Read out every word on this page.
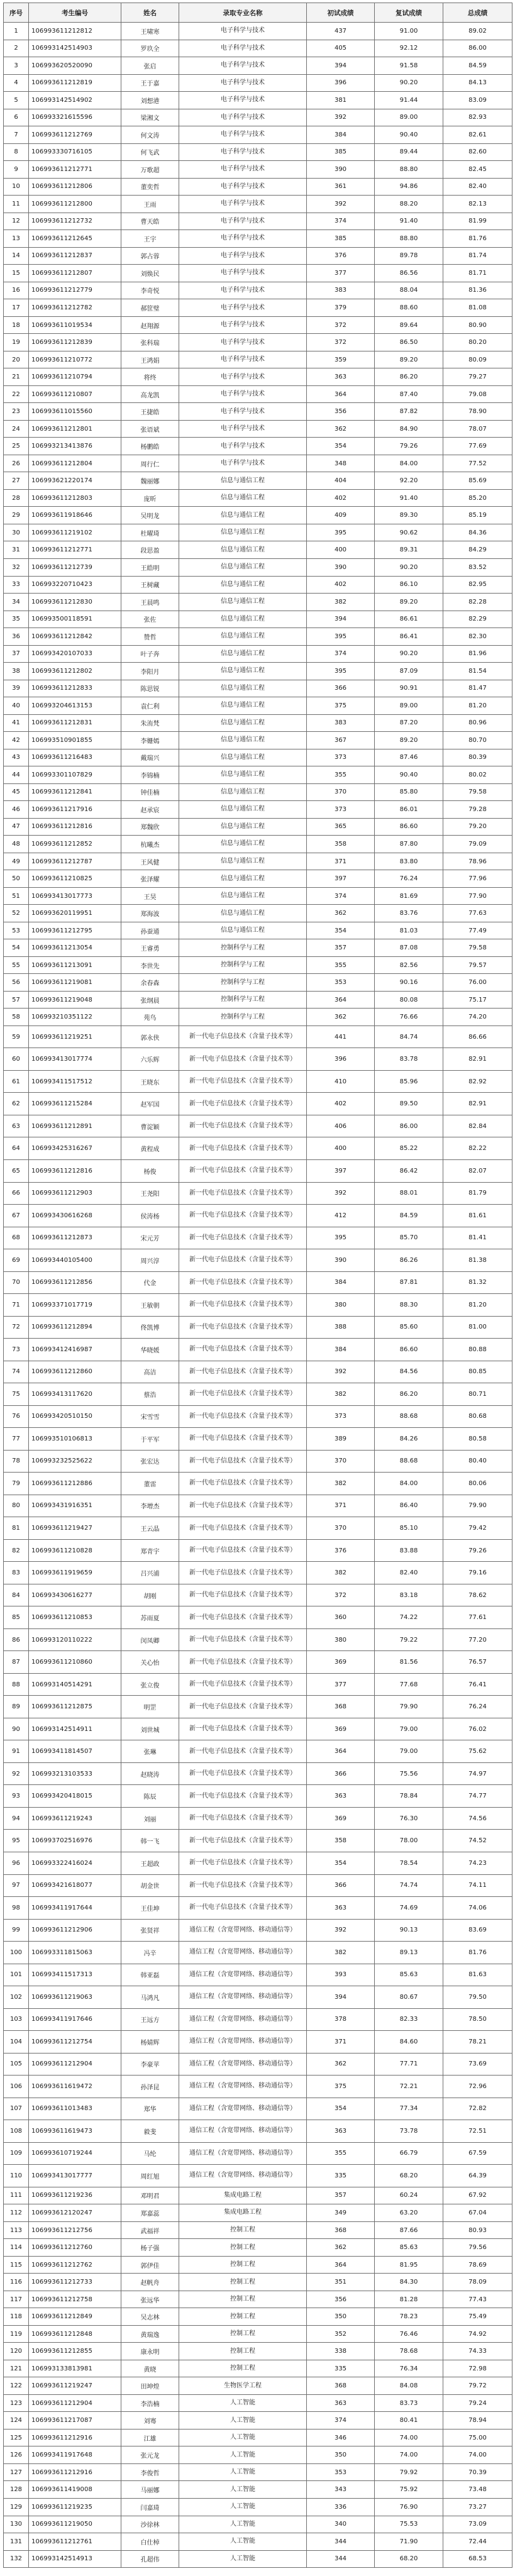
序号	考生编号	姓名	录取专业名称	初试成绩	复试成绩	总成绩
1	106993611212812	王啸寒	电子科学与技术	437	91.00	89.02
2	106993142514903	罗玖全	电子科学与技术	405	92.12	86.00
3	106993620520090	张启	电子科学与技术	394	91.58	84.59
4	106993611212819	王于嘉	电子科学与技术	396	90.20	84.13
5	106993142514902	刘想港	电子科学与技术	381	91.44	83.09
6	106993321615596	梁湘文	电子科学与技术	392	89.00	82.93
7	106993611212769	何文涛	电子科学与技术	384	90.40	82.61
8	106993330716105	何飞武	电子科学与技术	385	89.44	82.60
9	106993611212771	万歌超	电子科学与技术	390	88.80	82.45
10	106993611212806	董奕哲	电子科学与技术	361	94.86	82.40
11	106993611212800	王雨	电子科学与技术	392	88.20	82.13
12	106993611212732	曹天皓	电子科学与技术	374	91.40	81.99
13	106993611212645	王宇	电子科学与技术	385	88.80	81.76
14	106993611212837	郭占蓉	电子科学与技术	376	89.78	81.74
15	106993611212807	刘焕民	电子科学与技术	377	86.56	81.71
16	106993611212779	李奇悦	电子科学与技术	383	88.04	81.36
17	106993611212782	郝筐璧	电子科学与技术	379	88.60	81.08
18	106993611019534	赵翔源	电子科学与技术	372	89.64	80.90
19	106993611212839	张科瑞	电子科学与技术	372	86.50	80.20
20	106993611210772	王鸿娟	电子科学与技术	359	89.20	80.09
21	106993611210794	将终	电子科学与技术	363	86.20	79.27
22	106993611210807	高龙凯	电子科学与技术	364	87.40	79.08
23	106993611015560	王捷皓	电子科学与技术	356	87.82	78.90
24	106993611212801	张语斌	电子科学与技术	362	84.90	78.07
25	106993213413876	杨鹏皓	电子科学与技术	354	79.26	77.69
26	106993611212804	周行仁	电子科学与技术	348	84.00	77.52
27	106993621220174	魏丽娜	信息与通信工程	404	92.20	85.69
28	106993611212803	庞昕	信息与通信工程	402	91.40	85.20
29	106993611918646	吴明龙	信息与通信工程	409	89.30	85.19
30	106993611219102	杜曜琦	信息与通信工程	395	90.62	84.36
31	106993611212771	段思盈	信息与通信工程	400	89.31	84.29
32	106993611212739	王皓明	信息与通信工程	390	90.20	83.52
33	106993220710423	王树藏	信息与通信工程	402	86.10	82.95
34	106993611212830	王晨鸣	信息与通信工程	382	89.20	82.28
35	106993500118591	张佐	信息与通信工程	394	86.61	82.29
36	106993611212842	赞哲	信息与通信工程	395	86.41	82.30
37	106993420107033	叶子奔	信息与通信工程	374	90.20	81.96
38	106993611212802	李阳月	信息与通信工程	395	87.09	81.54
39	106993611212833	陈思锐	信息与通信工程	366	90.91	81.47
40	106993204613153	袁仁利	信息与通信工程	375	89.00	81.20
41	106993611212831	朱洧梵	信息与通信工程	383	87.20	80.96
42	106993510901855	李姗嫣	信息与通信工程	367	89.20	80.70
43	106993611216483	戴瑞兴	信息与通信工程	373	87.46	80.39
44	106993301107829	李锦楠	信息与通信工程	355	90.40	80.02
45	106993611212841	钟佳楠	信息与通信工程	370	85.80	79.58
46	106993611217916	赵承宸	信息与通信工程	373	86.01	79.28
47	106993611212816	郑魏欣	信息与通信工程	365	86.60	79.20
48	106993611212852	杭曦杰	信息与通信工程	358	87.80	79.09
49	106993611212787	王风健	信息与通信工程	371	83.80	78.96
50	106993611210825	张泽耀	信息与通信工程	397	76.24	77.96
51	106993413017773	王昊	信息与通信工程	374	81.69	77.90
52	106993620119951	郑海波	信息与通信工程	362	83.76	77.63
53	106993611212795	孙蚕通	信息与通信工程	354	81.03	77.49
54	106993611213054	王睿勇	控制科学与工程	357	87.08	79.58
55	106993611213091	李世先	控制科学与工程	355	82.56	79.57
56	106993611219081	余春森	控制科学与工程	353	90.16	76.00
57	106993611219048	张纲晨	控制科学与工程	364	80.08	75.17
58	106993210351122	苑鸟	控制科学与工程	362	76.66	74.20
59	106993611219251	郭永侠	新一代电子信息技术（含量子技术等）	441	84.74	86.66
60	106993413017774	六乐辉	新一代电子信息技术（含量子技术等）	396	83.78	82.91
61	106993411517512	王晓东	新一代电子信息技术（含量子技术等）	410	85.96	82.92
62	106993611215284	赵军国	新一代电子信息技术（含量子技术等）	402	89.50	82.91
63	106993611212891	曹淀颖	新一代电子信息技术（含量子技术等）	406	86.00	82.84
64	106993425316267	黄程成	新一代电子信息技术（含量子技术等）	400	85.22	82.22
65	106993611212816	杨俊	新一代电子信息技术（含量子技术等）	397	86.42	82.07
66	106993611212903	王尧阳	新一代电子信息技术（含量子技术等）	392	88.01	81.79
67	106993430616268	侯涛杨	新一代电子信息技术（含量子技术等）	412	84.59	81.61
68	106993611212873	宋元芳	新一代电子信息技术（含量子技术等）	395	85.70	81.41
69	106993440105400	周兴淳	新一代电子信息技术（含量子技术等）	390	86.26	81.38
70	106993611212856	代金	新一代电子信息技术（含量子技术等）	384	87.81	81.32
71	106993371017719	王敏朝	新一代电子信息技术（含量子技术等）	380	88.30	81.20
72	106993611212894	佟凯博	新一代电子信息技术（含量子技术等）	388	85.60	81.00
73	106993412416987	华晓媛	新一代电子信息技术（含量子技术等）	384	86.60	80.88
74	106993611212860	高洁	新一代电子信息技术（含量子技术等）	392	84.56	80.85
75	106993413117620	蔡浩	新一代电子信息技术（含量子技术等）	382	86.20	80.71
76	106993420510150	宋雪雪	新一代电子信息技术（含量子技术等）	373	88.68	80.68
77	106993510106813	于平军	新一代电子信息技术（含量子技术等）	389	84.26	80.58
78	106993232525622	张宏达	新一代电子信息技术（含量子技术等）	370	88.68	80.40
79	106993611212886	董雷	新一代电子信息技术（含量子技术等）	382	84.00	80.06
80	106993431916351	李增杰	新一代电子信息技术（含量子技术等）	371	86.40	79.90
81	106993611219427	王云晶	新一代电子信息技术（含量子技术等）	370	85.10	79.42
82	106993611210828	郑青宇	新一代电子信息技术（含量子技术等）	376	83.88	79.26
83	106993611919659	吕兴浦	新一代电子信息技术（含量子技术等）	382	82.40	79.16
84	106993430616277	胡刚	新一代电子信息技术（含量子技术等）	372	83.18	78.62
85	106993611210853	苏雨夏	新一代电子信息技术（含量子技术等）	360	74.22	77.61
86	106993120110222	闵凤卿	新一代电子信息技术（含量子技术等）	380	79.22	77.20
87	106993611210860	关心怡	新一代电子信息技术（含量子技术等）	369	81.56	76.57
88	106993140514291	张立俊	新一代电子信息技术（含量子技术等）	377	77.68	76.41
89	106993611212875	明罡	新一代电子信息技术（含量子技术等）	368	79.90	76.24
90	106993142514911	刘世城	新一代电子信息技术（含量子技术等）	369	79.00	76.02
91	106993411814507	张琳	新一代电子信息技术（含量子技术等）	364	79.00	75.62
92	106993213103533	赵晓涛	新一代电子信息技术（含量子技术等）	366	75.56	74.97
93	106993420418015	陈辰	新一代电子信息技术（含量子技术等）	363	78.84	74.77
94	106993611219243	刘丽	新一代电子信息技术（含量子技术等）	369	76.30	74.56
95	106993702516976	韩一飞	新一代电子信息技术（含量子技术等）	358	78.00	74.52
96	106993322416024	王超政	新一代电子信息技术（含量子技术等）	354	78.54	74.23
97	106993421618077	胡金世	新一代电子信息技术（含量子技术等）	366	74.74	74.11
98	106993411917644	王佳坤	新一代电子信息技术（含量子技术等）	363	74.69	74.06
99	106993611212906	张贤祥	通信工程（含宽带网络、移动通信等）	392	90.13	83.69
100	106993311815063	冯辛	通信工程（含宽带网络、移动通信等）	382	89.13	81.76
101	106993411517313	韩亚磊	通信工程（含宽带网络、移动通信等）	393	85.63	81.63
102	106993611219063	马鸿凡	通信工程（含宽带网络、移动通信等）	394	80.67	79.50
103	106993411917646	王远方	通信工程（含宽带网络、移动通信等）	378	82.33	78.50
104	106993611212754	杨婧辉	通信工程（含宽带网络、移动通信等）	371	84.60	78.21
105	106993611212904	李豪苹	通信工程（含宽带网络、移动通信等）	362	77.71	73.69
106	106993611619472	孙泽昆	通信工程（含宽带网络、移动通信等）	375	72.21	72.96
107	106993611013483	郑华	通信工程（含宽带网络、移动通信等）	354	77.34	72.82
108	106993611619473	毅斐	通信工程（含宽带网络、移动通信等）	363	73.78	72.51
109	106993610719244	马纶	通信工程（含宽带网络、移动通信等）	355	66.79	67.59
110	106993413017777	周红旭	通信工程（含宽带网络、移动通信等）	335	68.20	64.39
111	106993611219236	邓明君	集成电路工程	357	60.24	67.92
112	106993612120247	郑嘉蕊	集成电路工程	349	63.20	67.04
113	106993611212756	武福祥	控制工程	368	87.66	80.93
114	106993611212760	杨子强	控制工程	362	85.63	79.56
115	106993611212762	郭伊佳	控制工程	364	81.95	78.69
116	106993611212733	赵帆舟	控制工程	351	84.30	78.09
117	106993611212758	张远华	控制工程	356	81.28	77.43
118	106993611212849	吴志林	控制工程	350	78.23	75.49
119	106993611212848	黄瑞逸	控制工程	352	76.46	74.92
120	106993611212855	康永明	控制工程	338	78.68	74.33
121	106993133813981	黄晓	控制工程	335	76.34	72.98
122	106993611219247	田坤煌	生物医学工程	368	84.08	79.72
123	106993611212904	李浩楠	人工智能	363	83.73	79.24
124	106993611217087	刘骞	人工智能	374	80.41	78.94
125	106993611212916	江雄	人工智能	346	74.00	75.00
126	106993411917648	张元龙	人工智能	350	74.00	74.00
127	106993611212916	李俊哲	人工智能	353	79.92	70.39
128	106993611419008	马丽娜	人工智能	343	75.92	73.48
129	106993611219235	闫嘉琦	人工智能	336	76.90	73.27
130	106993611219050	沙徐林	人工智能	340	75.53	73.09
131	106993611212761	白仕棹	人工智能	344	71.90	72.44
132	106993142514913	孔超伟	人工智能	344	68.20	68.53
